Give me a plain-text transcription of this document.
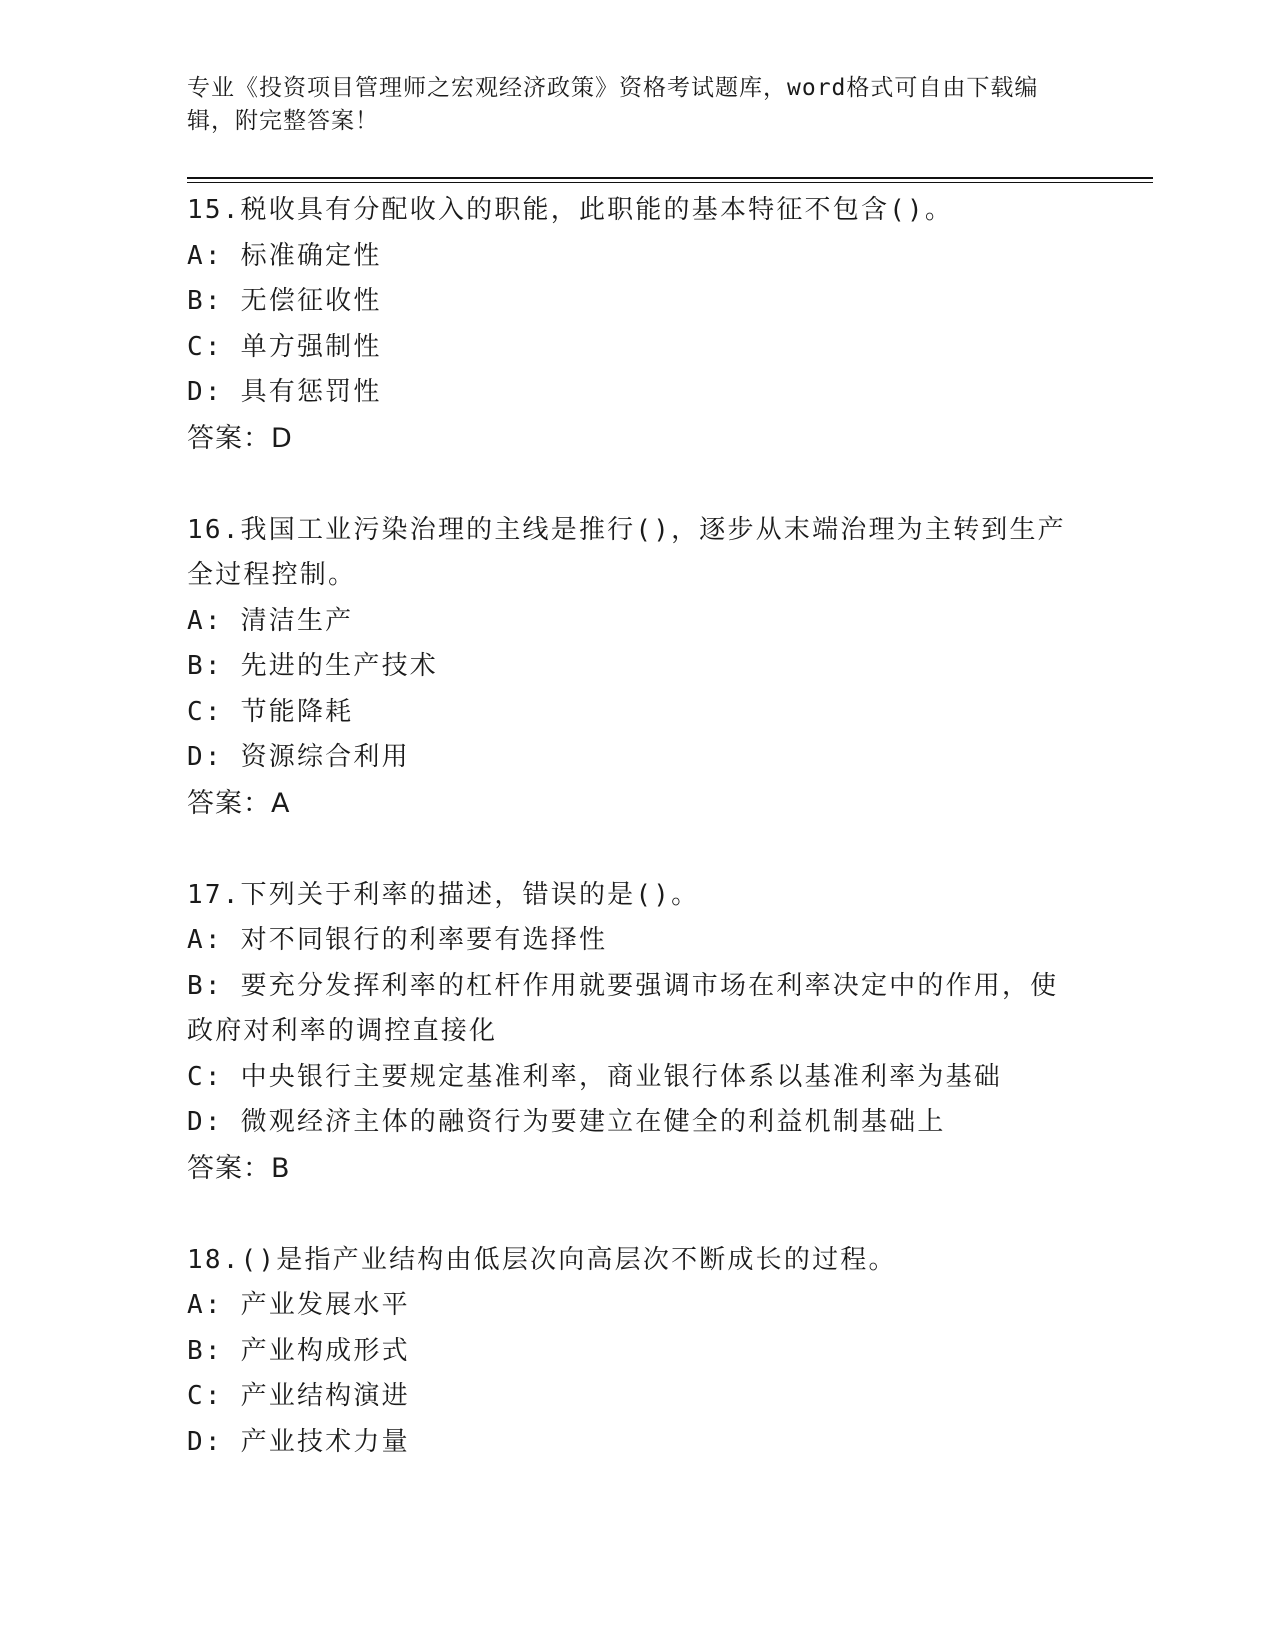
专业《投资项目管理师之宏观经济政策》资格考试题库，word格式可自由下载编辑，附完整答案！
15.税收具有分配收入的职能，此职能的基本特征不包含()。
A: 标准确定性
B: 无偿征收性
C: 单方强制性
D: 具有惩罚性
答案：D
16.我国工业污染治理的主线是推行()，逐步从末端治理为主转到生产全过程控制。
A: 清洁生产
B: 先进的生产技术
C: 节能降耗
D: 资源综合利用
答案：A
17.下列关于利率的描述，错误的是()。
A: 对不同银行的利率要有选择性
B: 要充分发挥利率的杠杆作用就要强调市场在利率决定中的作用，使政府对利率的调控直接化
C: 中央银行主要规定基准利率，商业银行体系以基准利率为基础
D: 微观经济主体的融资行为要建立在健全的利益机制基础上
答案：B
18.()是指产业结构由低层次向高层次不断成长的过程。
A: 产业发展水平
B: 产业构成形式
C: 产业结构演进
D: 产业技术力量
